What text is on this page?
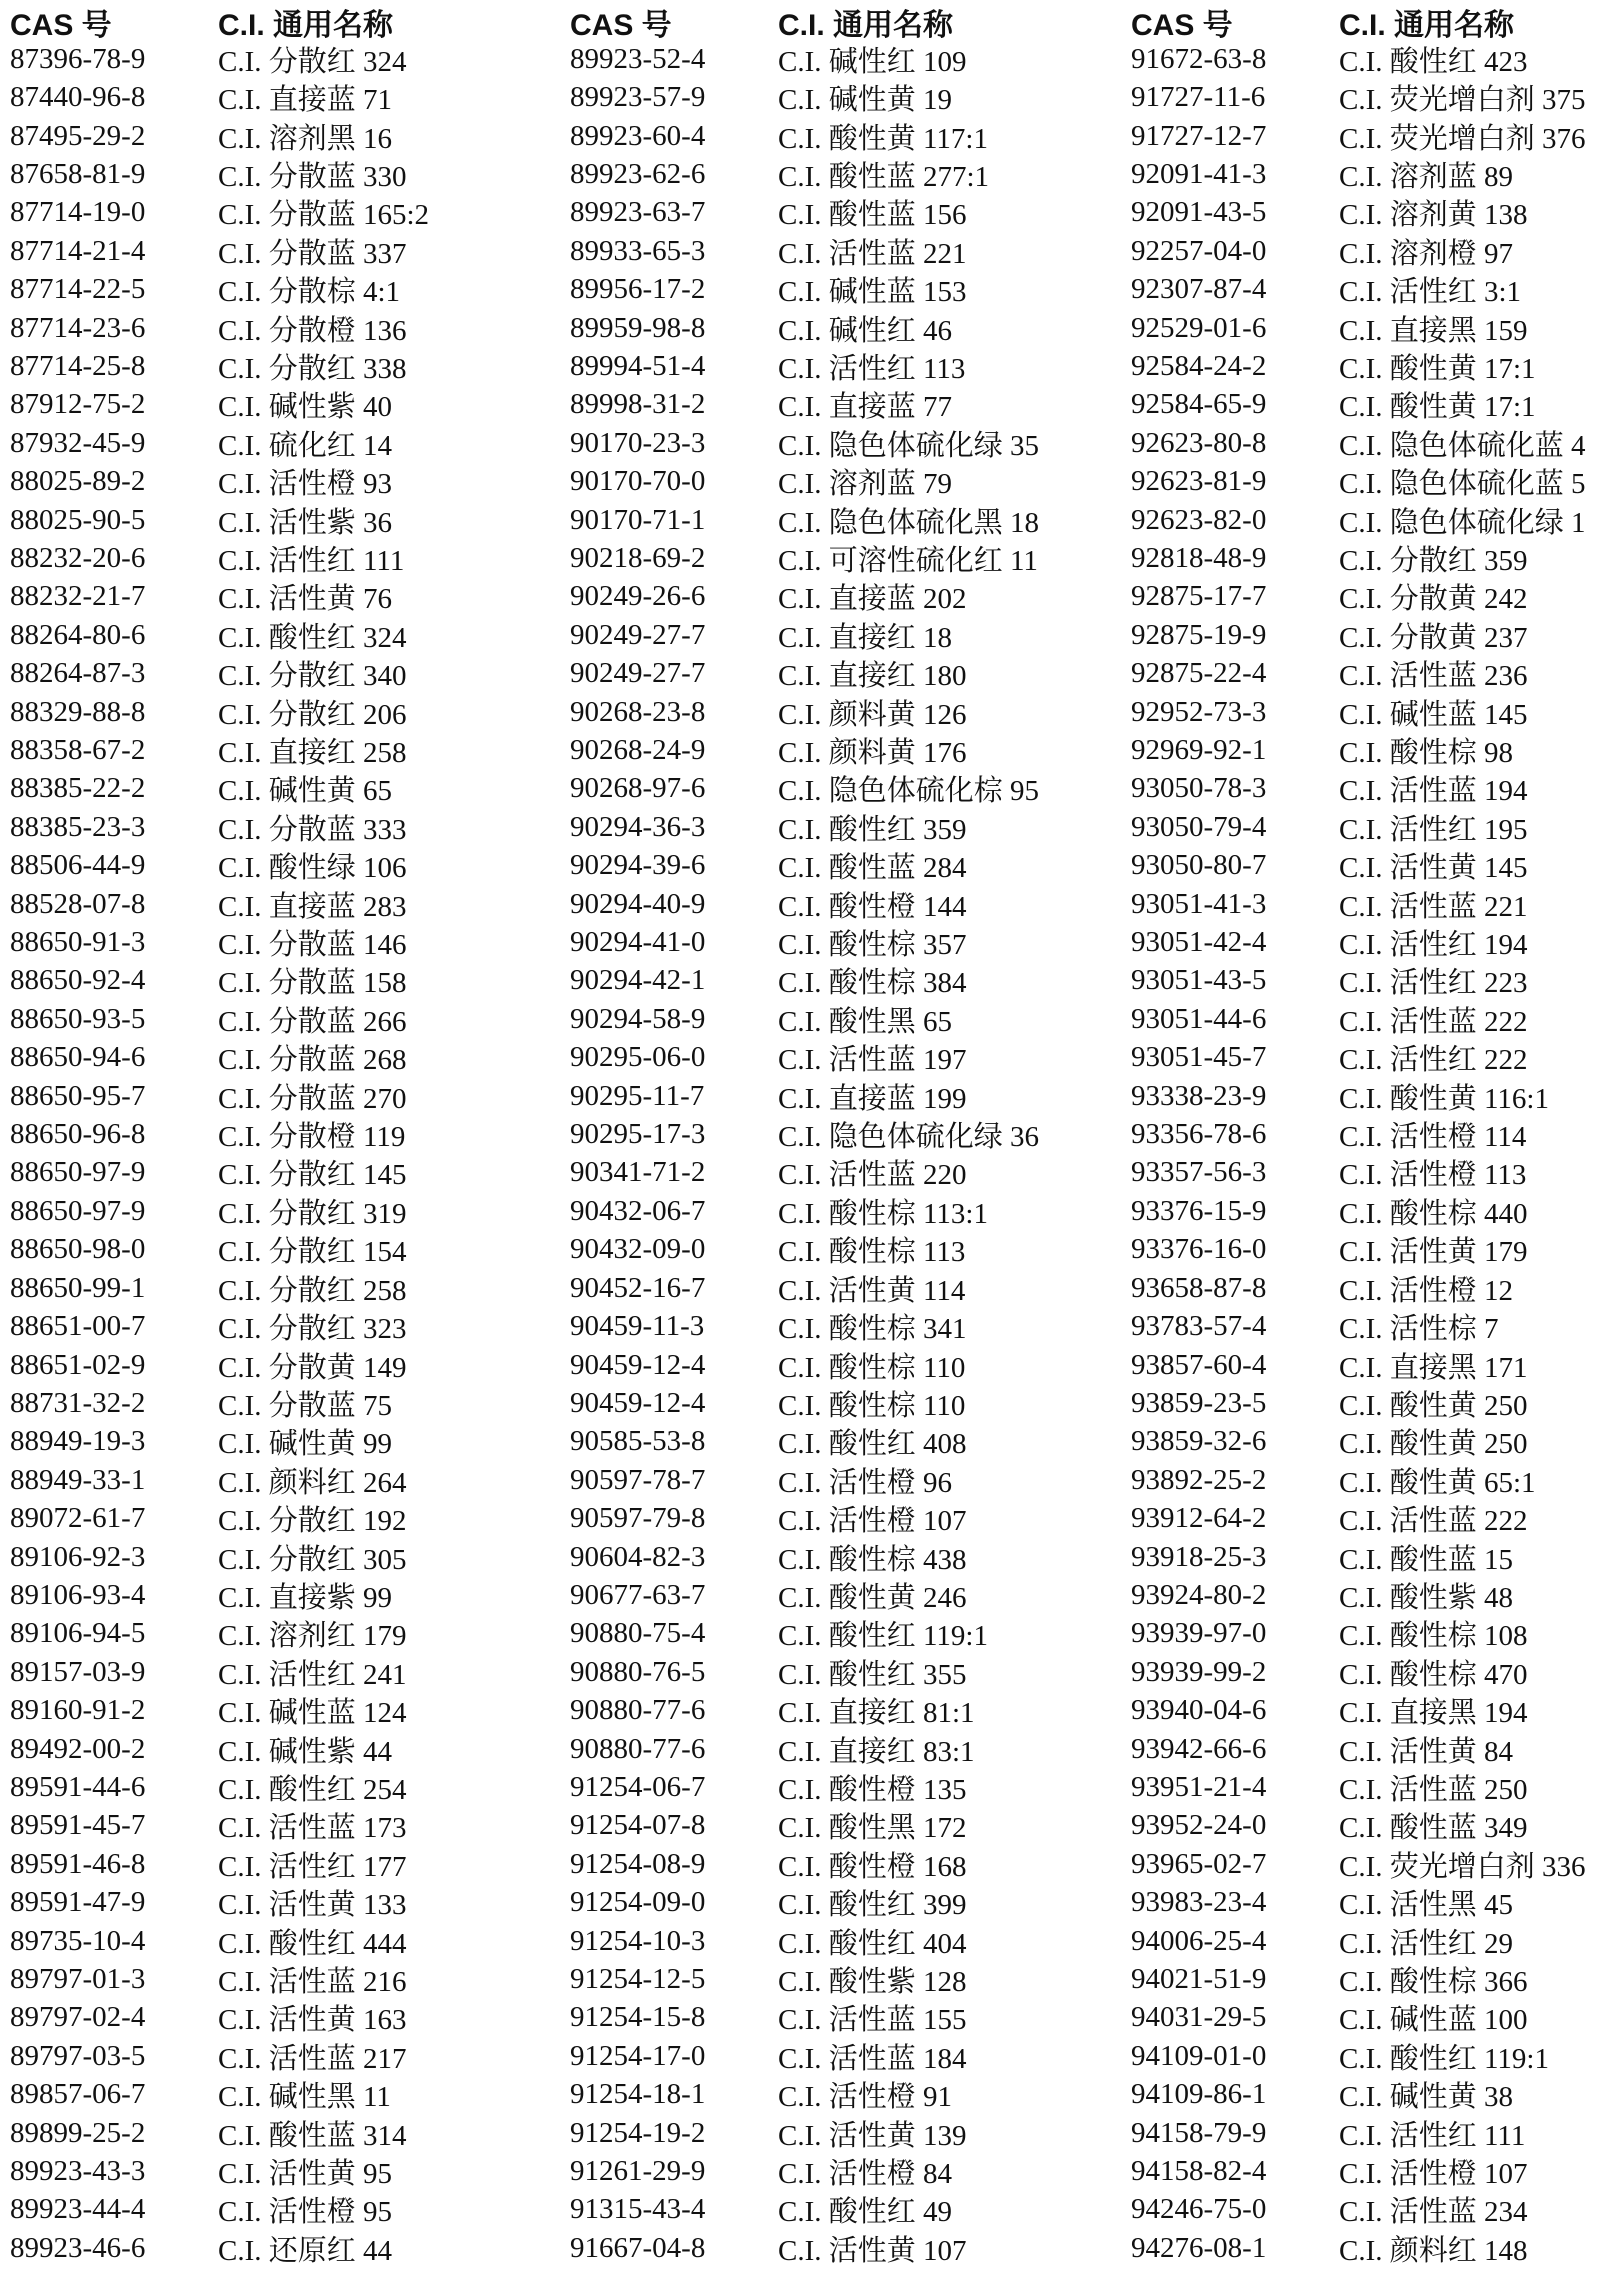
CAS 号	C.I. 通用名称
87396-78-9	C.I. 分散红 324
87440-96-8	C.I. 直接蓝 71
87495-29-2	C.I. 溶剂黑 16
87658-81-9	C.I. 分散蓝 330
87714-19-0	C.I. 分散蓝 165:2
87714-21-4	C.I. 分散蓝 337
87714-22-5	C.I. 分散棕 4:1
87714-23-6	C.I. 分散橙 136
87714-25-8	C.I. 分散红 338
87912-75-2	C.I. 碱性紫 40
87932-45-9	C.I. 硫化红 14
88025-89-2	C.I. 活性橙 93
88025-90-5	C.I. 活性紫 36
88232-20-6	C.I. 活性红 111
88232-21-7	C.I. 活性黄 76
88264-80-6	C.I. 酸性红 324
88264-87-3	C.I. 分散红 340
88329-88-8	C.I. 分散红 206
88358-67-2	C.I. 直接红 258
88385-22-2	C.I. 碱性黄 65
88385-23-3	C.I. 分散蓝 333
88506-44-9	C.I. 酸性绿 106
88528-07-8	C.I. 直接蓝 283
88650-91-3	C.I. 分散蓝 146
88650-92-4	C.I. 分散蓝 158
88650-93-5	C.I. 分散蓝 266
88650-94-6	C.I. 分散蓝 268
88650-95-7	C.I. 分散蓝 270
88650-96-8	C.I. 分散橙 119
88650-97-9	C.I. 分散红 145
88650-97-9	C.I. 分散红 319
88650-98-0	C.I. 分散红 154
88650-99-1	C.I. 分散红 258
88651-00-7	C.I. 分散红 323
88651-02-9	C.I. 分散黄 149
88731-32-2	C.I. 分散蓝 75
88949-19-3	C.I. 碱性黄 99
88949-33-1	C.I. 颜料红 264
89072-61-7	C.I. 分散红 192
89106-92-3	C.I. 分散红 305
89106-93-4	C.I. 直接紫 99
89106-94-5	C.I. 溶剂红 179
89157-03-9	C.I. 活性红 241
89160-91-2	C.I. 碱性蓝 124
89492-00-2	C.I. 碱性紫 44
89591-44-6	C.I. 酸性红 254
89591-45-7	C.I. 活性蓝 173
89591-46-8	C.I. 活性红 177
89591-47-9	C.I. 活性黄 133
89735-10-4	C.I. 酸性红 444
89797-01-3	C.I. 活性蓝 216
89797-02-4	C.I. 活性黄 163
89797-03-5	C.I. 活性蓝 217
89857-06-7	C.I. 碱性黑 11
89899-25-2	C.I. 酸性蓝 314
89923-43-3	C.I. 活性黄 95
89923-44-4	C.I. 活性橙 95
89923-46-6	C.I. 还原红 44
CAS 号	C.I. 通用名称
89923-52-4	C.I. 碱性红 109
89923-57-9	C.I. 碱性黄 19
89923-60-4	C.I. 酸性黄 117:1
89923-62-6	C.I. 酸性蓝 277:1
89923-63-7	C.I. 酸性蓝 156
89933-65-3	C.I. 活性蓝 221
89956-17-2	C.I. 碱性蓝 153
89959-98-8	C.I. 碱性红 46
89994-51-4	C.I. 活性红 113
89998-31-2	C.I. 直接蓝 77
90170-23-3	C.I. 隐色体硫化绿 35
90170-70-0	C.I. 溶剂蓝 79
90170-71-1	C.I. 隐色体硫化黑 18
90218-69-2	C.I. 可溶性硫化红 11
90249-26-6	C.I. 直接蓝 202
90249-27-7	C.I. 直接红 18
90249-27-7	C.I. 直接红 180
90268-23-8	C.I. 颜料黄 126
90268-24-9	C.I. 颜料黄 176
90268-97-6	C.I. 隐色体硫化棕 95
90294-36-3	C.I. 酸性红 359
90294-39-6	C.I. 酸性蓝 284
90294-40-9	C.I. 酸性橙 144
90294-41-0	C.I. 酸性棕 357
90294-42-1	C.I. 酸性棕 384
90294-58-9	C.I. 酸性黑 65
90295-06-0	C.I. 活性蓝 197
90295-11-7	C.I. 直接蓝 199
90295-17-3	C.I. 隐色体硫化绿 36
90341-71-2	C.I. 活性蓝 220
90432-06-7	C.I. 酸性棕 113:1
90432-09-0	C.I. 酸性棕 113
90452-16-7	C.I. 活性黄 114
90459-11-3	C.I. 酸性棕 341
90459-12-4	C.I. 酸性棕 110
90459-12-4	C.I. 酸性棕 110
90585-53-8	C.I. 酸性红 408
90597-78-7	C.I. 活性橙 96
90597-79-8	C.I. 活性橙 107
90604-82-3	C.I. 酸性棕 438
90677-63-7	C.I. 酸性黄 246
90880-75-4	C.I. 酸性红 119:1
90880-76-5	C.I. 酸性红 355
90880-77-6	C.I. 直接红 81:1
90880-77-6	C.I. 直接红 83:1
91254-06-7	C.I. 酸性橙 135
91254-07-8	C.I. 酸性黑 172
91254-08-9	C.I. 酸性橙 168
91254-09-0	C.I. 酸性红 399
91254-10-3	C.I. 酸性红 404
91254-12-5	C.I. 酸性紫 128
91254-15-8	C.I. 活性蓝 155
91254-17-0	C.I. 活性蓝 184
91254-18-1	C.I. 活性橙 91
91254-19-2	C.I. 活性黄 139
91261-29-9	C.I. 活性橙 84
91315-43-4	C.I. 酸性红 49
91667-04-8	C.I. 活性黄 107
CAS 号	C.I. 通用名称
91672-63-8	C.I. 酸性红 423
91727-11-6	C.I. 荧光增白剂 375
91727-12-7	C.I. 荧光增白剂 376
92091-41-3	C.I. 溶剂蓝 89
92091-43-5	C.I. 溶剂黄 138
92257-04-0	C.I. 溶剂橙 97
92307-87-4	C.I. 活性红 3:1
92529-01-6	C.I. 直接黑 159
92584-24-2	C.I. 酸性黄 17:1
92584-65-9	C.I. 酸性黄 17:1
92623-80-8	C.I. 隐色体硫化蓝 4
92623-81-9	C.I. 隐色体硫化蓝 5
92623-82-0	C.I. 隐色体硫化绿 1
92818-48-9	C.I. 分散红 359
92875-17-7	C.I. 分散黄 242
92875-19-9	C.I. 分散黄 237
92875-22-4	C.I. 活性蓝 236
92952-73-3	C.I. 碱性蓝 145
92969-92-1	C.I. 酸性棕 98
93050-78-3	C.I. 活性蓝 194
93050-79-4	C.I. 活性红 195
93050-80-7	C.I. 活性黄 145
93051-41-3	C.I. 活性蓝 221
93051-42-4	C.I. 活性红 194
93051-43-5	C.I. 活性红 223
93051-44-6	C.I. 活性蓝 222
93051-45-7	C.I. 活性红 222
93338-23-9	C.I. 酸性黄 116:1
93356-78-6	C.I. 活性橙 114
93357-56-3	C.I. 活性橙 113
93376-15-9	C.I. 酸性棕 440
93376-16-0	C.I. 活性黄 179
93658-87-8	C.I. 活性橙 12
93783-57-4	C.I. 活性棕 7
93857-60-4	C.I. 直接黑 171
93859-23-5	C.I. 酸性黄 250
93859-32-6	C.I. 酸性黄 250
93892-25-2	C.I. 酸性黄 65:1
93912-64-2	C.I. 活性蓝 222
93918-25-3	C.I. 酸性蓝 15
93924-80-2	C.I. 酸性紫 48
93939-97-0	C.I. 酸性棕 108
93939-99-2	C.I. 酸性棕 470
93940-04-6	C.I. 直接黑 194
93942-66-6	C.I. 活性黄 84
93951-21-4	C.I. 活性蓝 250
93952-24-0	C.I. 酸性蓝 349
93965-02-7	C.I. 荧光增白剂 336
93983-23-4	C.I. 活性黑 45
94006-25-4	C.I. 活性红 29
94021-51-9	C.I. 酸性棕 366
94031-29-5	C.I. 碱性蓝 100
94109-01-0	C.I. 酸性红 119:1
94109-86-1	C.I. 碱性黄 38
94158-79-9	C.I. 活性红 111
94158-82-4	C.I. 活性橙 107
94246-75-0	C.I. 活性蓝 234
94276-08-1	C.I. 颜料红 148
